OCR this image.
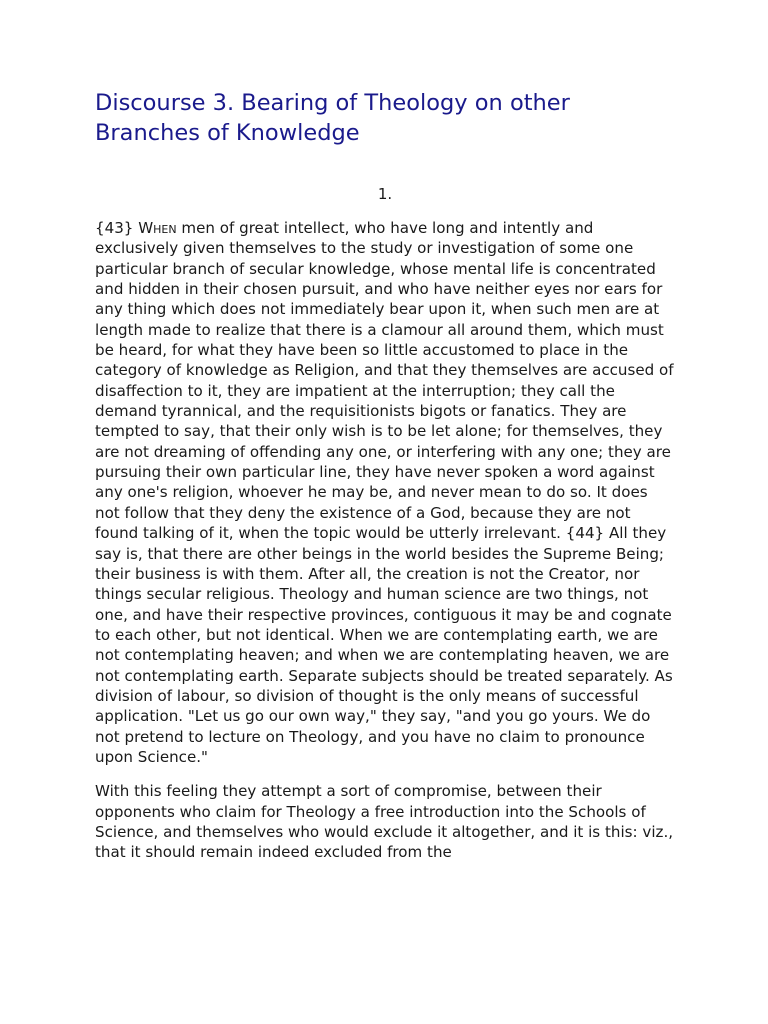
Discourse 3. Bearing of Theology on other Branches of Knowledge
1.

{43} When men of great intellect, who have long and intently and exclusively given themselves to the study or investigation of some one particular branch of secular knowledge, whose mental life is concentrated and hidden in their chosen pursuit, and who have neither eyes nor ears for any thing which does not immediately bear upon it, when such men are at length made to realize that there is a clamour all around them, which must be heard, for what they have been so little accustomed to place in the category of knowledge as Religion, and that they themselves are accused of disaffection to it, they are impatient at the interruption; they call the demand tyrannical, and the requisitionists bigots or fanatics. They are tempted to say, that their only wish is to be let alone; for themselves, they are not dreaming of offending any one, or interfering with any one; they are pursuing their own particular line, they have never spoken a word against any one's religion, whoever he may be, and never mean to do so. It does not follow that they deny the existence of a God, because they are not found talking of it, when the topic would be utterly irrelevant. {44} All they say is, that there are other beings in the world besides the Supreme Being; their business is with them. After all, the creation is not the Creator, nor things secular religious. Theology and human science are two things, not one, and have their respective provinces, contiguous it may be and cognate to each other, but not identical. When we are contemplating earth, we are not contemplating heaven; and when we are contemplating heaven, we are not contemplating earth. Separate subjects should be treated separately. As division of labour, so division of thought is the only means of successful application. "Let us go our own way," they say, "and you go yours. We do not pretend to lecture on Theology, and you have no claim to pronounce upon Science."

With this feeling they attempt a sort of compromise, between their opponents who claim for Theology a free introduction into the Schools of Science, and themselves who would exclude it altogether, and it is this: viz., that it should remain indeed excluded from the
